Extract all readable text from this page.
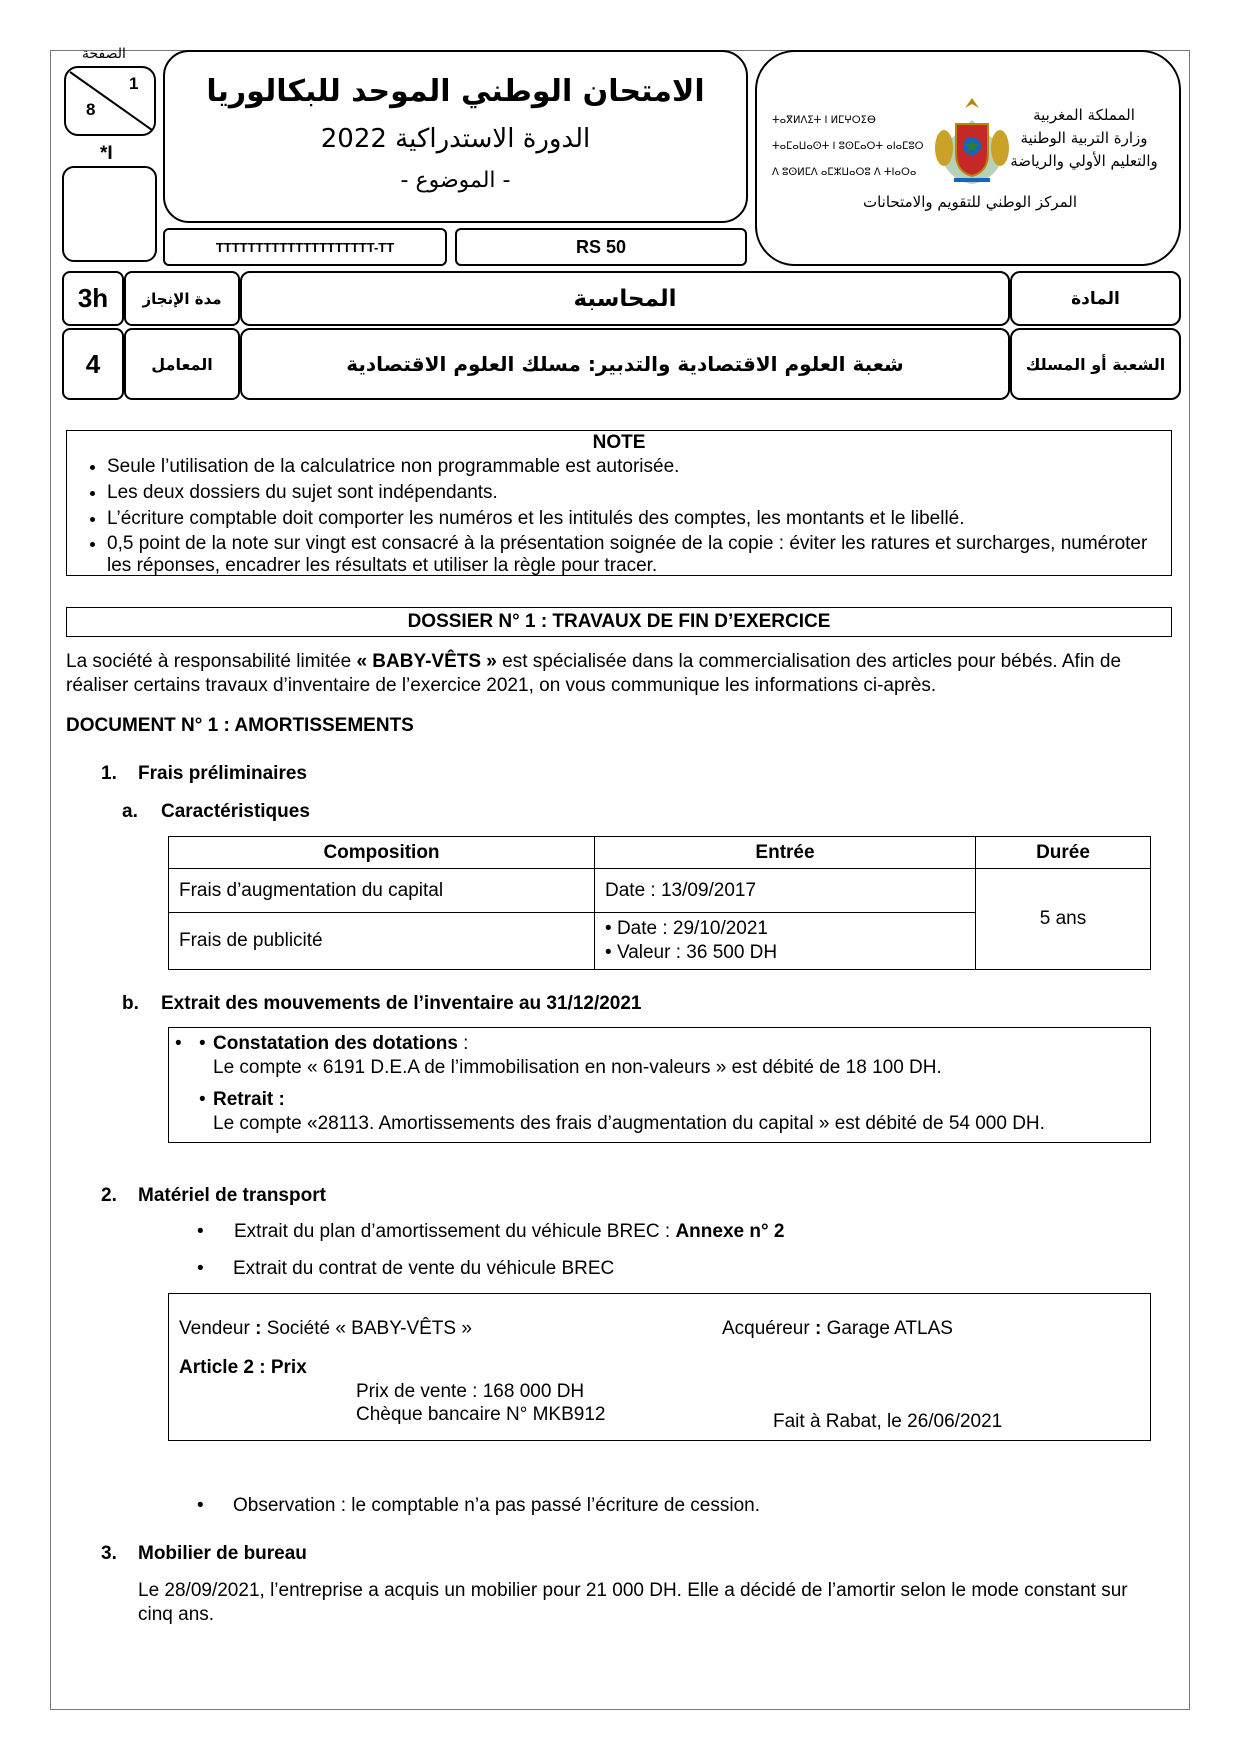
الصفحة
1
8
*I
الامتحان الوطني الموحد للبكالوريا
الدورة الاستدراكية 2022
- الموضوع -
المملكة المغربية
وزارة التربية الوطنية
والتعليم الأولي والرياضة
المركز الوطني للتقويم والامتحانات
ⵜⴰⴳⵍⴷⵉⵜ ⵏ ⵍⵎⵖⵔⵉⴱ
ⵜⴰⵎⴰⵡⴰⵙⵜ ⵏ ⵓⵙⵎⴰⵔⵜ ⴰⵏⴰⵎⵓⵔ
ⴷ ⵓⵙⵍⵎⴷ ⴰⵎⵣⵡⴰⵔⵓ ⴷ ⵜⵏⴰⵔⴰ
TTTTTTTTTTTTTTTTTTTT-TT	RS 50
3h	مدة الإنجاز	المحاسبة	المادة
4	المعامل	شعبة العلوم الاقتصادية والتدبير: مسلك العلوم الاقتصادية	الشعبة أو المسلك
NOTE
• Seule l’utilisation de la calculatrice non programmable est autorisée.
• Les deux dossiers du sujet sont indépendants.
• L’écriture comptable doit comporter les numéros et les intitulés des comptes, les montants et le libellé.
• 0,5 point de la note sur vingt est consacré à la présentation soignée de la copie : éviter les ratures et surcharges, numéroter les réponses, encadrer les résultats et utiliser la règle pour tracer.
DOSSIER N° 1 : TRAVAUX DE FIN D’EXERCICE
La société à responsabilité limitée « BABY-VÊTS » est spécialisée dans la commercialisation des articles pour bébés. Afin de réaliser certains travaux d’inventaire de l’exercice 2021, on vous communique les informations ci-après.
DOCUMENT N° 1 : AMORTISSEMENTS
1. Frais préliminaires
a. Caractéristiques
Composition	Entrée	Durée
Frais d’augmentation du capital	Date : 13/09/2017	5 ans
Frais de publicité	• Date : 29/10/2021
• Valeur : 36 500 DH	
b. Extrait des mouvements de l’inventaire au 31/12/2021
• Constatation des dotations :
Le compte « 6191 D.E.A de l’immobilisation en non-valeurs » est débité de 18 100 DH.
• Retrait :
Le compte «28113. Amortissements des frais d’augmentation du capital » est débité de 54 000 DH.
2. Matériel de transport
• Extrait du plan d’amortissement du véhicule BREC : Annexe n° 2
• Extrait du contrat de vente du véhicule BREC
Vendeur : Société « BABY-VÊTS »	Acquéreur : Garage ATLAS
Article 2 : Prix
Prix de vente : 168 000 DH
Chèque bancaire N° MKB912	Fait à Rabat, le 26/06/2021
• Observation : le comptable n’a pas passé l’écriture de cession.
3. Mobilier de bureau
Le 28/09/2021, l’entreprise a acquis un mobilier pour 21 000 DH. Elle a décidé de l’amortir selon le mode constant sur cinq ans.
